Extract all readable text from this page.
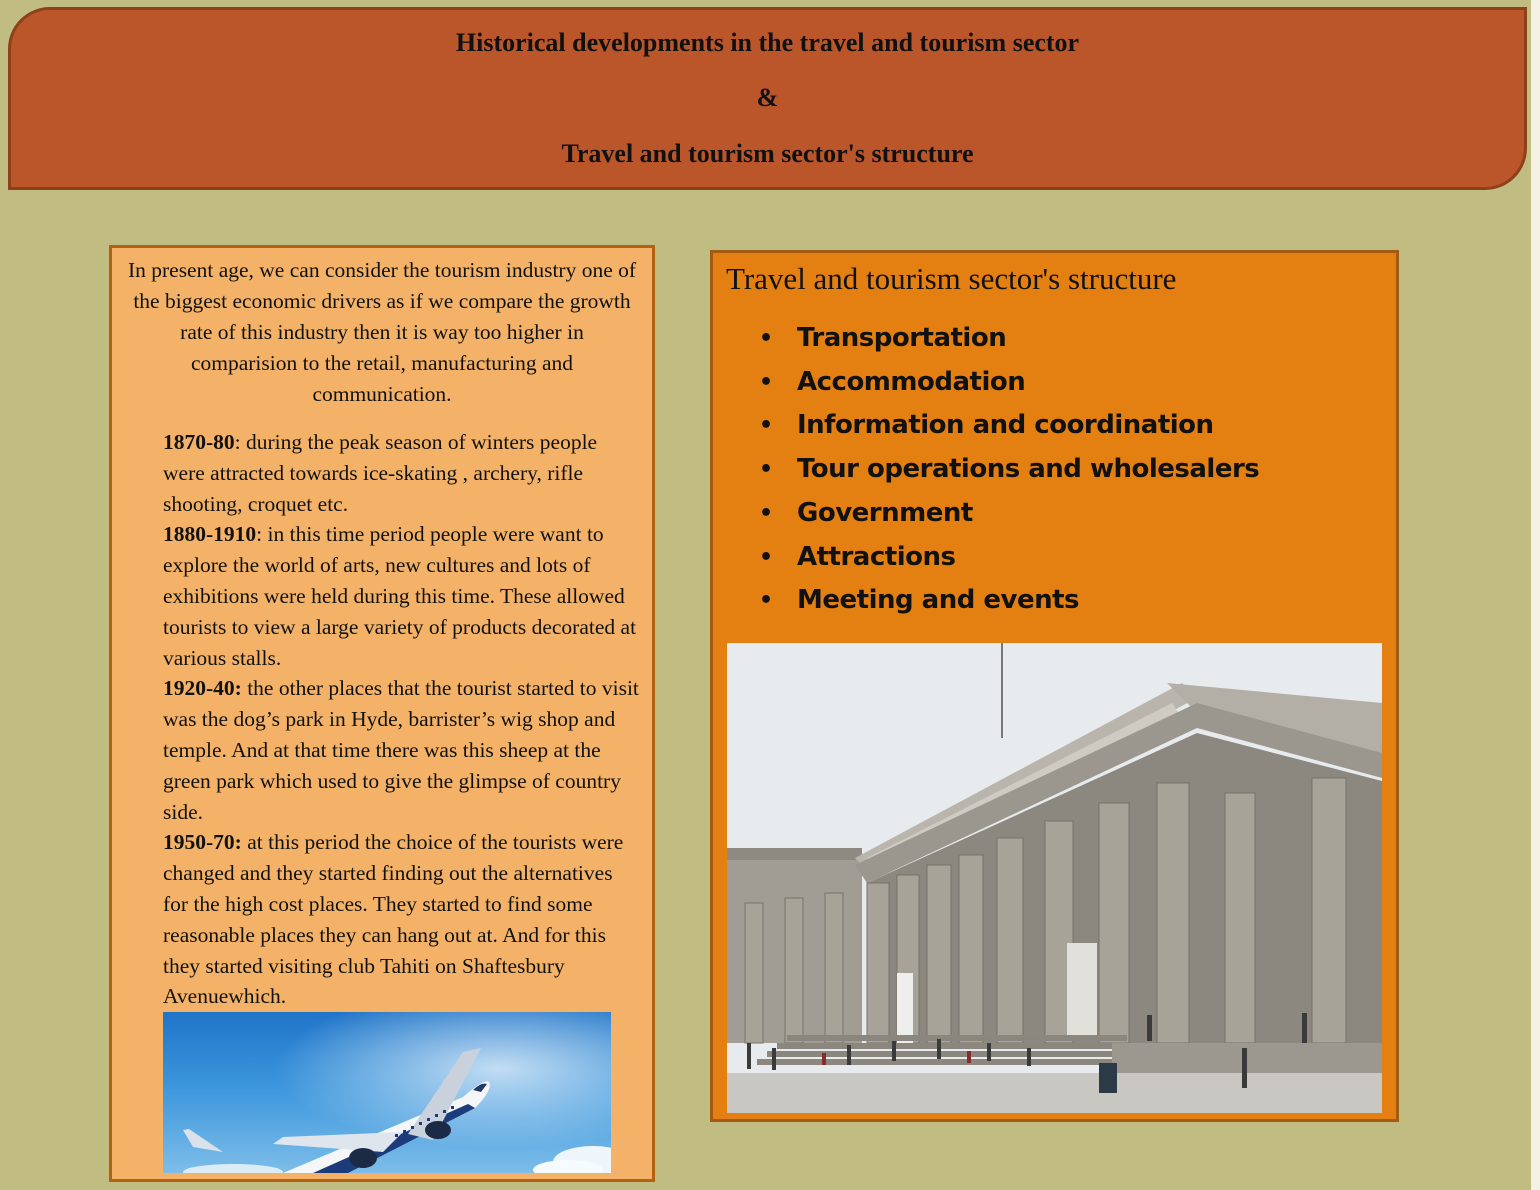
Historical developments in the travel and tourism sector
&
Travel and tourism sector's structure
In present age, we can consider the tourism industry one of the biggest economic drivers as if we compare the growth rate of this industry then it is way too higher in comparision to the retail, manufacturing and communication.
1870-80: during the peak season of winters people were attracted towards ice-skating , archery, rifle shooting, croquet etc.
1880-1910: in this time period people were want to explore the world of arts, new cultures and lots of exhibitions were held during this time. These allowed tourists to view a large variety of products decorated at various stalls.
1920-40: the other places that the tourist started to visit was the dog’s park in Hyde, barrister’s wig shop and temple. And at that time there was this sheep at the green park which used to give the glimpse of country side.
1950-70: at this period the choice of the tourists were changed and they started finding out the alternatives for the high cost places. They started to find some reasonable places they can hang out at. And for this they started visiting club Tahiti on Shaftesbury Avenuewhich.
Travel and tourism sector's structure
• Transportation
• Accommodation
• Information and coordination
• Tour operations and wholesalers
• Government
• Attractions
• Meeting and events
